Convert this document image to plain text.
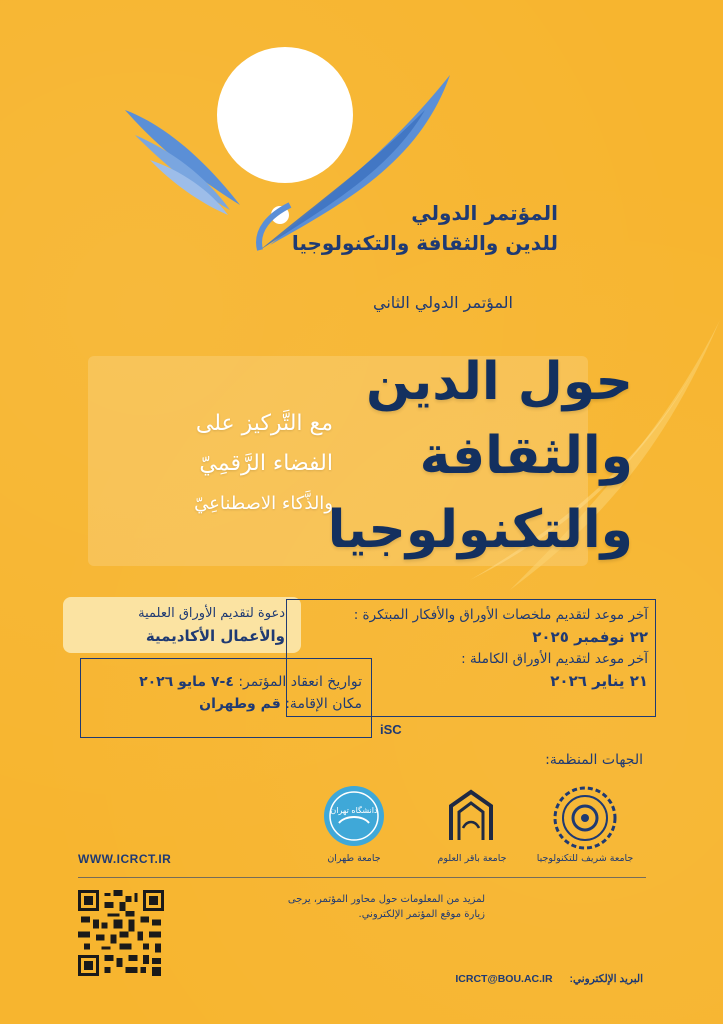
المؤتمر الدولي
للدين والثقافة والتكنولوجيا
المؤتمر الدولي الثاني
حول الدين
والثقافة
والتكنولوجيا
مع التَّركيز على
الفضاء الرَّقمِيّ
والذَّكاء الاصطناعِيّ
دعوة لتقديم الأوراق العلمية
والأعمال الأكاديمية
آخر موعد لتقديم ملخصات الأوراق والأفكار المبتكرة :
٢٢ نوفمبر ٢٠٢٥
آخر موعد لتقديم الأوراق الكاملة :
٢١ يناير ٢٠٢٦
تواريخ انعقاد المؤتمر: ٤-٧ مايو ٢٠٢٦
مكان الإقامة: قم وطهران
iSC
الجهات المنظمة:
جامعة شريف للتكنولوجيا
جامعة باقر العلوم
دانشگاه تهران
جامعة طهران
WWW.ICRCT.IR
لمزيد من المعلومات حول محاور المؤتمر، يرجى
زيارة موقع المؤتمر الإلكتروني.
ICRCT@BOU.AC.IR البريد الإلكتروني:
